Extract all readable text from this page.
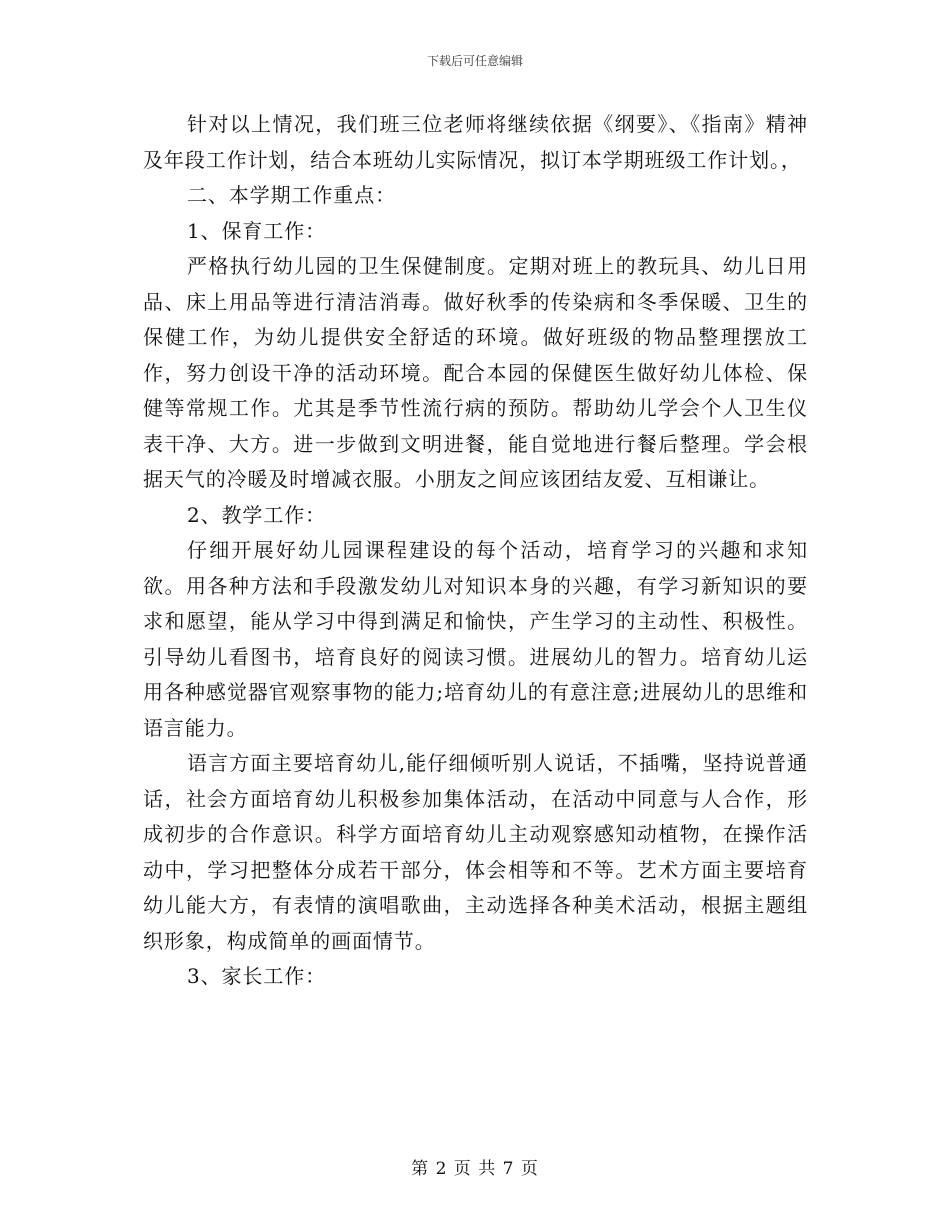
下载后可任意编辑

针对以上情况，我们班三位老师将继续依据《纲要》、《指南》精神及年段工作计划，结合本班幼儿实际情况，拟订本学期班级工作计划。，

二、本学期工作重点：

1、保育工作：

严格执行幼儿园的卫生保健制度。定期对班上的教玩具、幼儿日用品、床上用品等进行清洁消毒。做好秋季的传染病和冬季保暖、卫生的保健工作，为幼儿提供安全舒适的环境。做好班级的物品整理摆放工作，努力创设干净的活动环境。配合本园的保健医生做好幼儿体检、保健等常规工作。尤其是季节性流行病的预防。帮助幼儿学会个人卫生仪表干净、大方。进一步做到文明进餐，能自觉地进行餐后整理。学会根据天气的冷暖及时增减衣服。小朋友之间应该团结友爱、互相谦让。

2、教学工作：

仔细开展好幼儿园课程建设的每个活动，培育学习的兴趣和求知欲。用各种方法和手段激发幼儿对知识本身的兴趣，有学习新知识的要求和愿望，能从学习中得到满足和愉快，产生学习的主动性、积极性。引导幼儿看图书，培育良好的阅读习惯。进展幼儿的智力。培育幼儿运用各种感觉器官观察事物的能力;培育幼儿的有意注意;进展幼儿的思维和语言能力。

语言方面主要培育幼儿,能仔细倾听别人说话，不插嘴，坚持说普通话，社会方面培育幼儿积极参加集体活动，在活动中同意与人合作，形成初步的合作意识。科学方面培育幼儿主动观察感知动植物，在操作活动中，学习把整体分成若干部分，体会相等和不等。艺术方面主要培育幼儿能大方，有表情的演唱歌曲，主动选择各种美术活动，根据主题组织形象，构成简单的画面情节。

3、家长工作：

第 2 页 共 7 页
